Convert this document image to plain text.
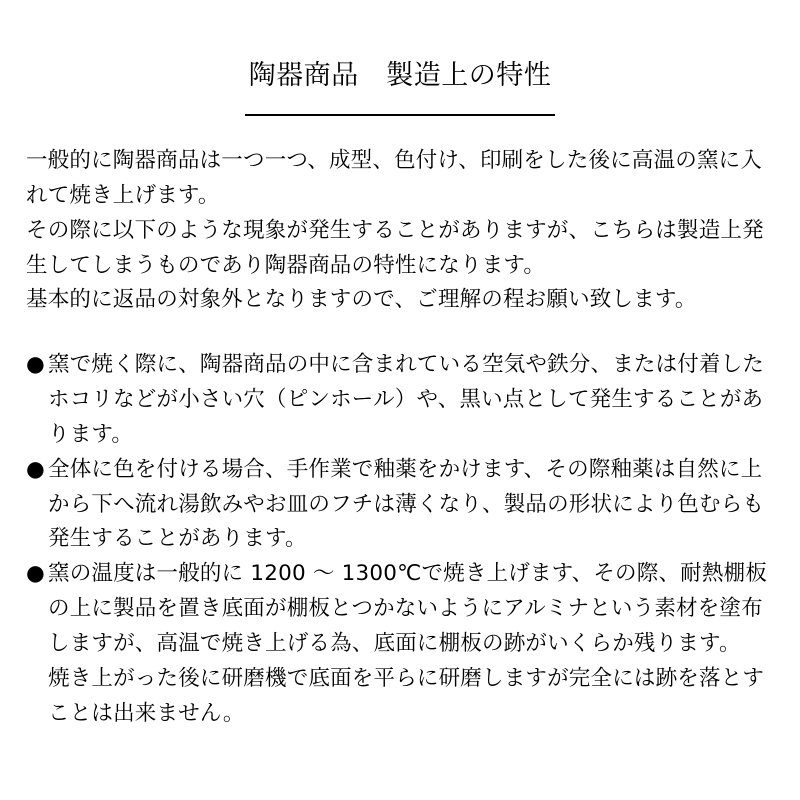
陶器商品　製造上の特性

一般的に陶器商品は一つ一つ、成型、色付け、印刷をした後に高温の窯に入れて焼き上げます。

その際に以下のような現象が発生することがありますが、こちらは製造上発生してしまうものであり陶器商品の特性になります。

基本的に返品の対象外となりますので、ご理解の程お願い致します。

● 窯で焼く際に、陶器商品の中に含まれている空気や鉄分、または付着したホコリなどが小さい穴（ピンホール）や、黒い点として発生することがあります。
● 全体に色を付ける場合、手作業で釉薬をかけます、その際釉薬は自然に上から下へ流れ湯飲みやお皿のフチは薄くなり、製品の形状により色むらも発生することがあります。
● 窯の温度は一般的に 1200 ～ 1300℃で焼き上げます、その際、耐熱棚板の上に製品を置き底面が棚板とつかないようにアルミナという素材を塗布しますが、高温で焼き上げる為、底面に棚板の跡がいくらか残ります。
焼き上がった後に研磨機で底面を平らに研磨しますが完全には跡を落とすことは出来ません。
